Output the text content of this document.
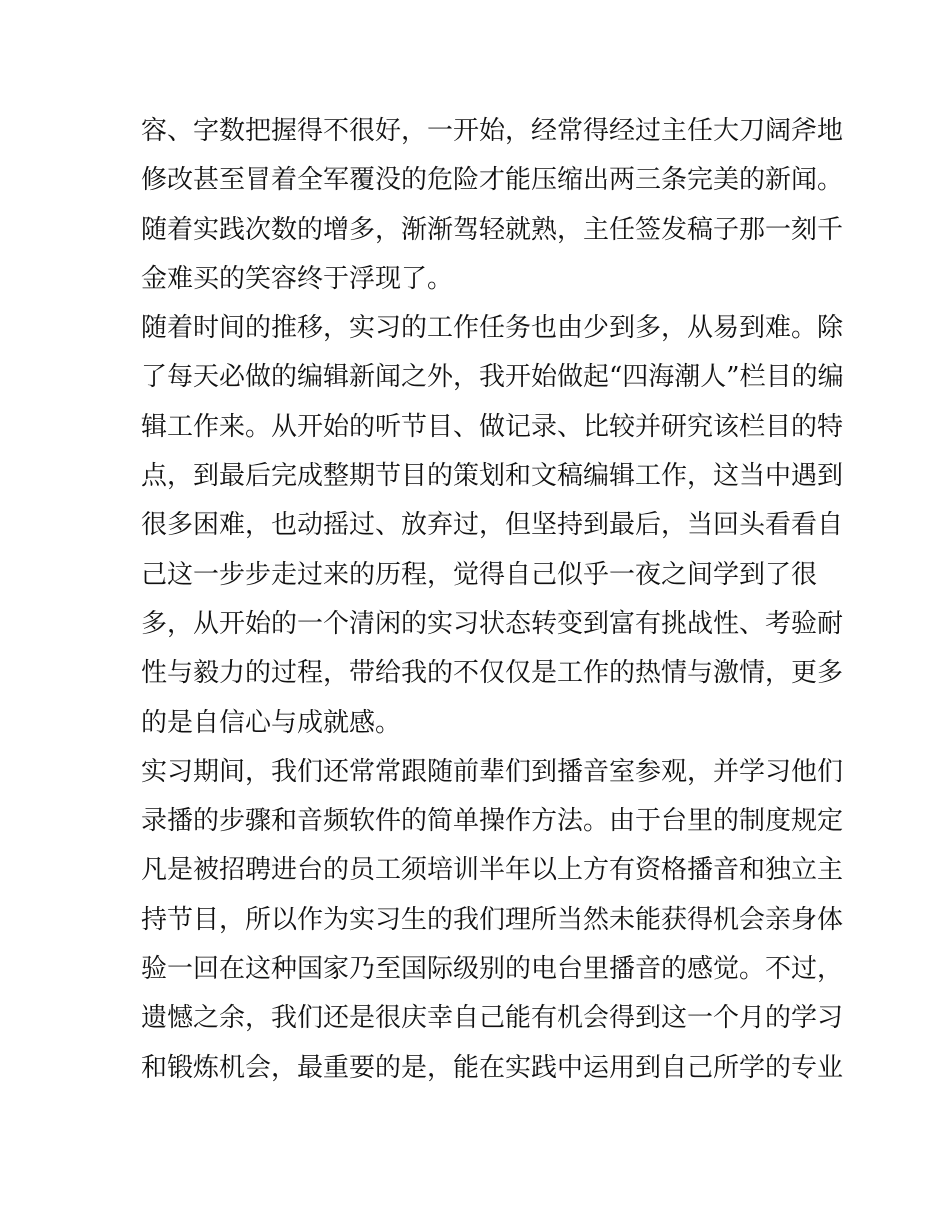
容、字数把握得不很好，一开始，经常得经过主任大刀阔斧地
修改甚至冒着全军覆没的危险才能压缩出两三条完美的新闻。
随着实践次数的增多，渐渐驾轻就熟，主任签发稿子那一刻千
金难买的笑容终于浮现了。
随着时间的推移，实习的工作任务也由少到多，从易到难。除
了每天必做的编辑新闻之外，我开始做起“四海潮人”栏目的编
辑工作来。从开始的听节目、做记录、比较并研究该栏目的特
点，到最后完成整期节目的策划和文稿编辑工作，这当中遇到
很多困难，也动摇过、放弃过，但坚持到最后，当回头看看自
己这一步步走过来的历程，觉得自己似乎一夜之间学到了很
多，从开始的一个清闲的实习状态转变到富有挑战性、考验耐
性与毅力的过程，带给我的不仅仅是工作的热情与激情，更多
的是自信心与成就感。
实习期间，我们还常常跟随前辈们到播音室参观，并学习他们
录播的步骤和音频软件的简单操作方法。由于台里的制度规定
凡是被招聘进台的员工须培训半年以上方有资格播音和独立主
持节目，所以作为实习生的我们理所当然未能获得机会亲身体
验一回在这种国家乃至国际级别的电台里播音的感觉。不过，
遗憾之余，我们还是很庆幸自己能有机会得到这一个月的学习
和锻炼机会，最重要的是，能在实践中运用到自己所学的专业
